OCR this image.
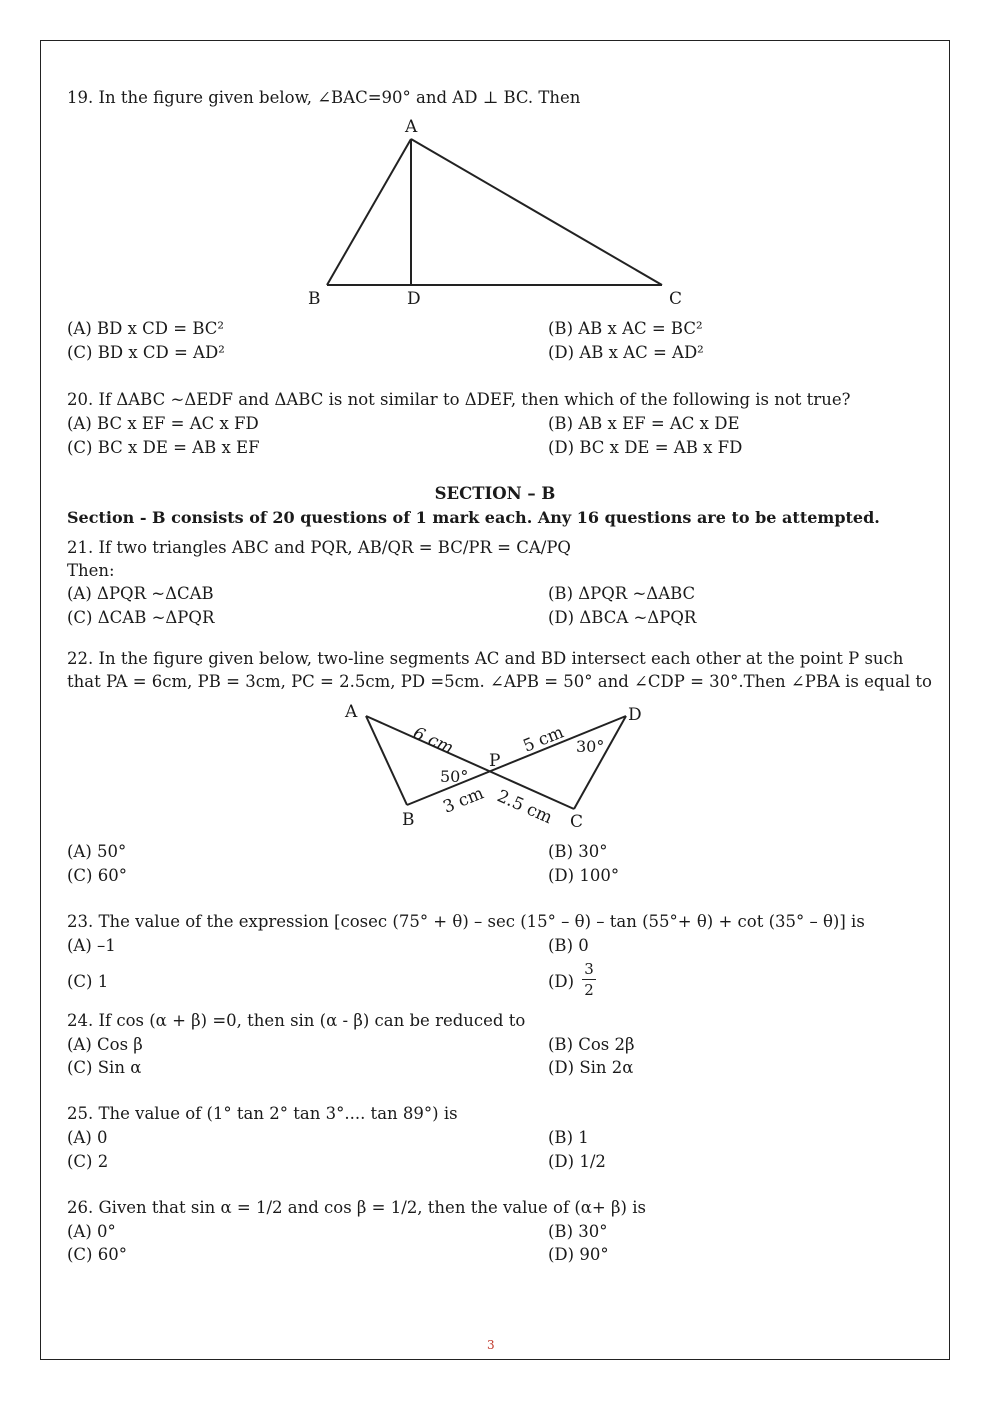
19. In the figure given below, ∠BAC=90° and AD ⊥ BC. Then
A
B	D	C
(A) BD x CD = BC²	(B) AB x AC = BC²
(C) BD x CD = AD²	(D) AB x AC = AD²
20. If ΔABC ~ΔEDF and ΔABC is not similar to ΔDEF, then which of the following is not true?
(A) BC x EF = AC x FD	(B) AB x EF = AC x DE
(C) BC x DE = AB x EF	(D) BC x DE = AB x FD
SECTION – B
Section - B consists of 20 questions of 1 mark each. Any 16 questions are to be attempted.
21. If two triangles ABC and PQR, AB/QR = BC/PR = CA/PQ
Then:
(A) ΔPQR ~ΔCAB	(B) ΔPQR ~ΔABC
(C) ΔCAB ~ΔPQR	(D) ΔBCA ~ΔPQR
22. In the figure given below, two-line segments AC and BD intersect each other at the point P such
that PA = 6cm, PB = 3cm, PC = 2.5cm, PD =5cm. ∠APB = 50° and ∠CDP = 30°.Then ∠PBA is equal to
A
B	C
D
P
6 cm	5 cm
3 cm 2.5 cm
50°
30°
(A) 50°	(B) 30°
(C) 60°	(D) 100°
23. The value of the expression [cosec (75° + θ) – sec (15° – θ) – tan (55°+ θ) + cot (35° – θ)] is
(A) –1	(B) 0
(C) 1	(D)
3
2
24. If cos (α + β) =0, then sin (α - β) can be reduced to
(A) Cos β	(B) Cos 2β
(C) Sin α	(D) Sin 2α
25. The value of (1° tan 2° tan 3°.... tan 89°) is
(A) 0	(B) 1
(C) 2	(D) 1/2
26. Given that sin α = 1/2 and cos β = 1/2, then the value of (α+ β) is
(A) 0°	(B) 30°
(C) 60°	(D) 90°
3
